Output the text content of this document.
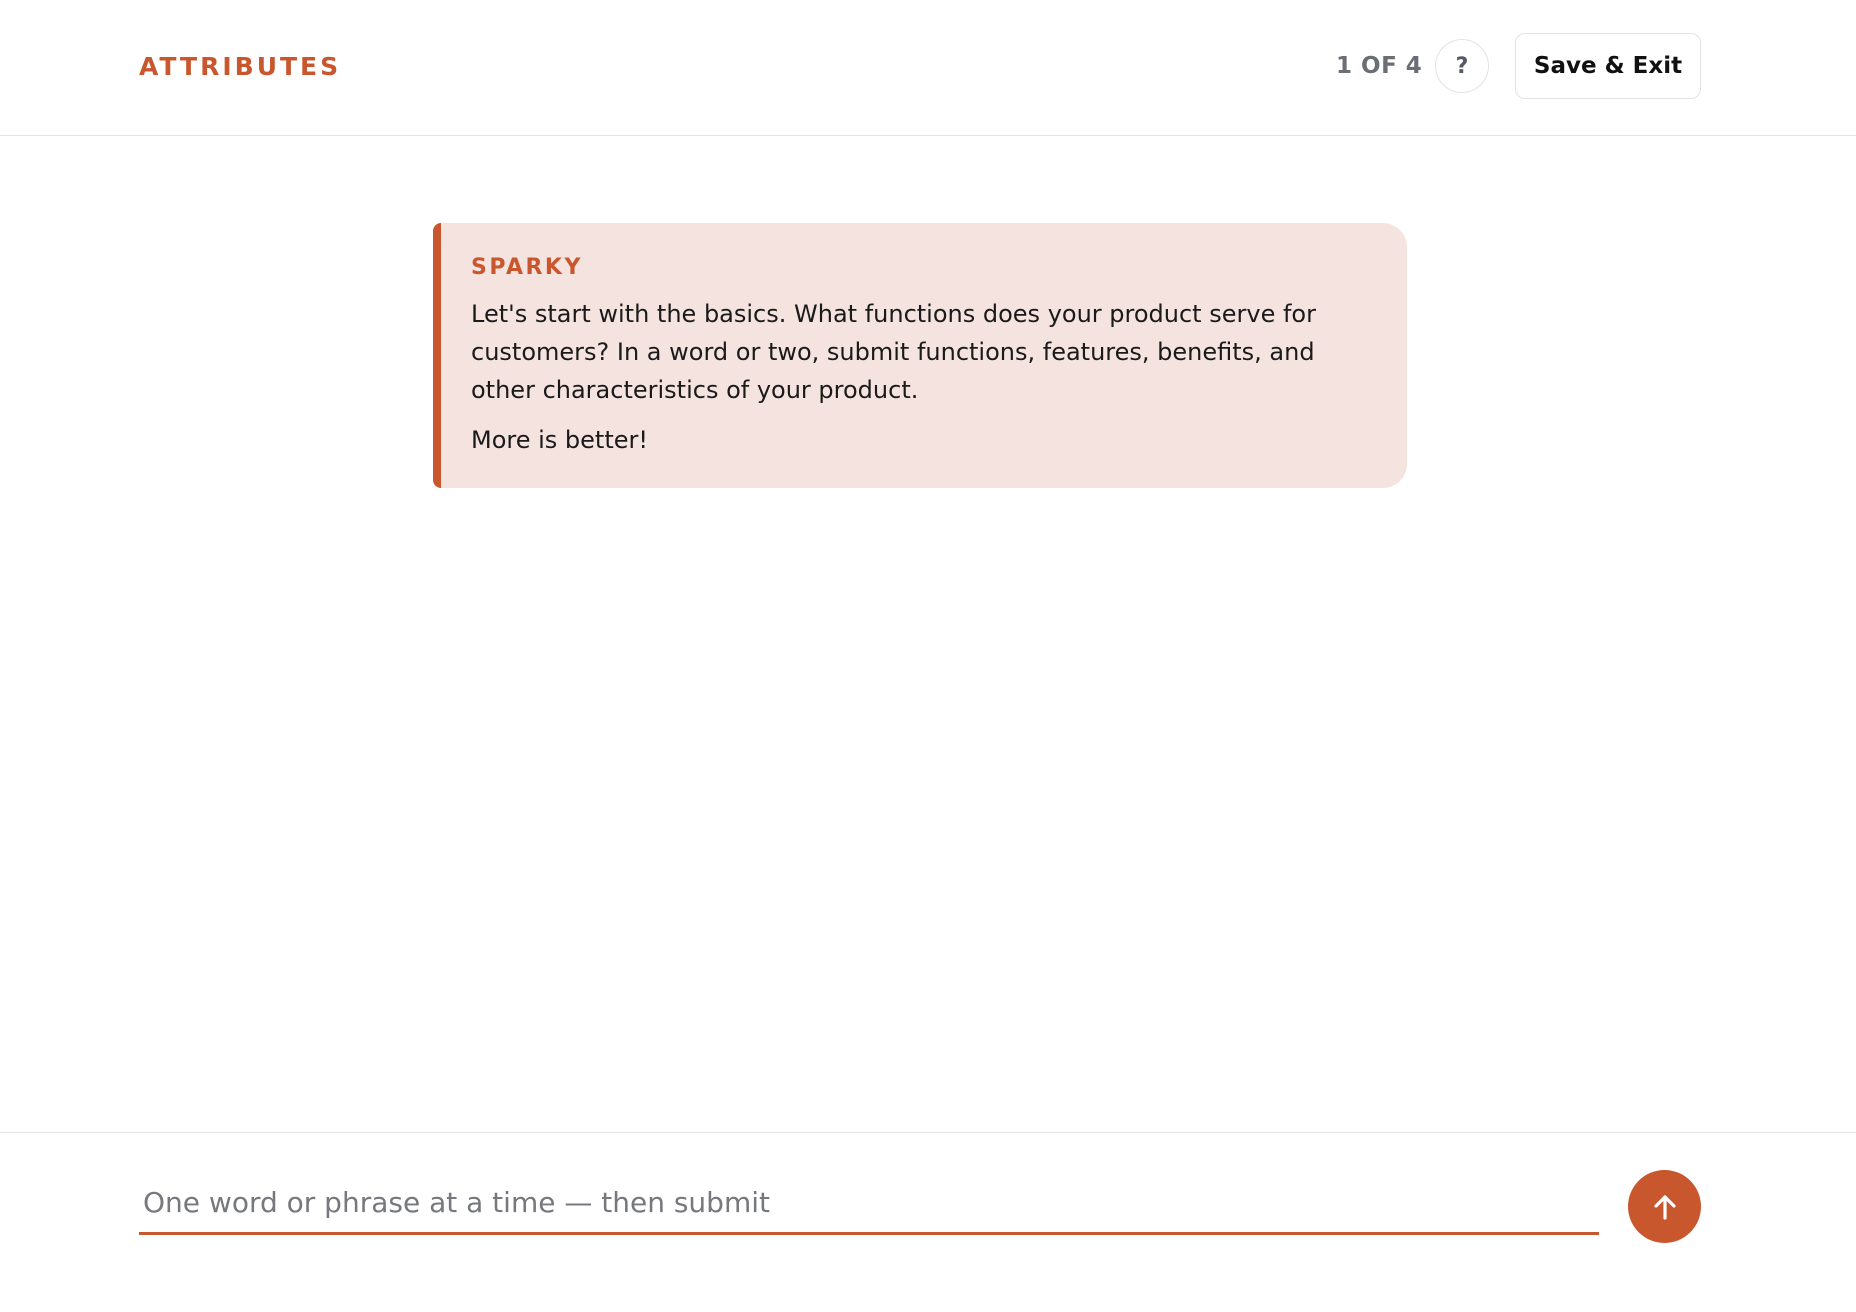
ATTRIBUTES	1 OF 4	?	Save & Exit
SPARKY

Let's start with the basics. What functions does your product serve for customers? In a word or two, submit functions, features, benefits, and other characteristics of your product.

More is better!

One word or phrase at a time — then submit
